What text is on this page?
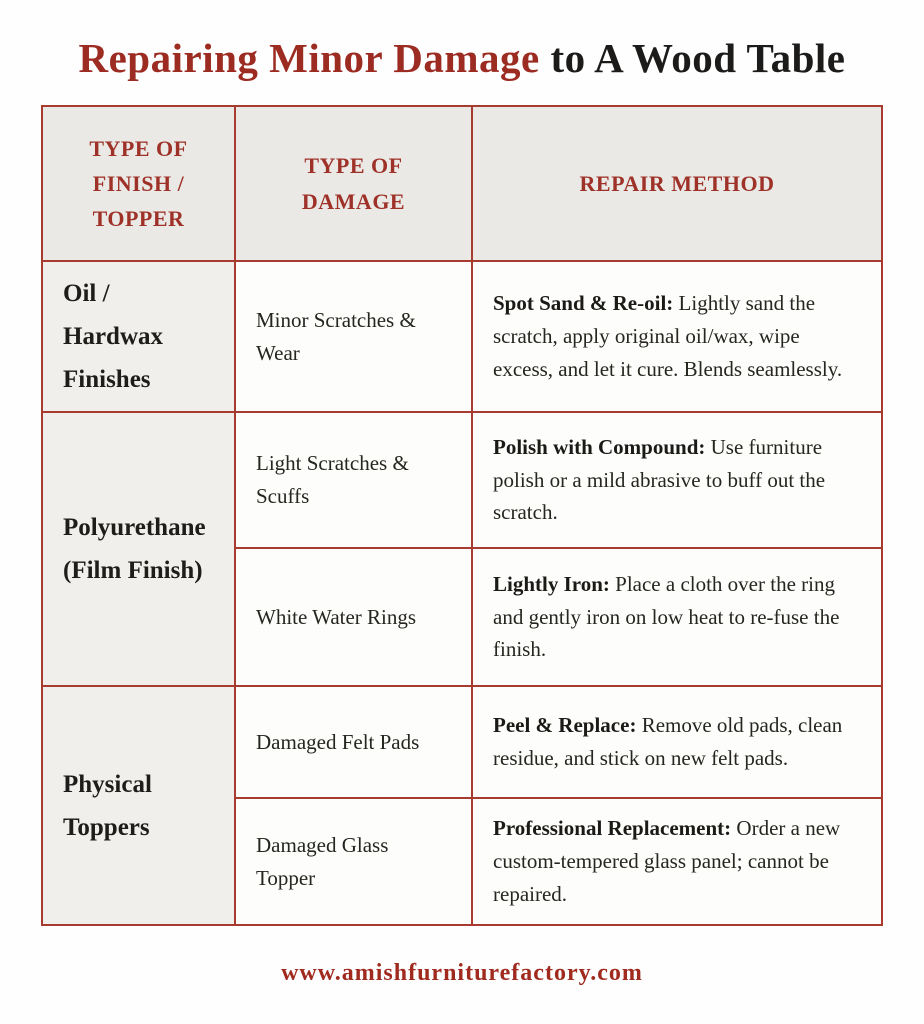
Repairing Minor Damage to A Wood Table
TYPE OF FINISH / TOPPER	TYPE OF DAMAGE	REPAIR METHOD
Oil / Hardwax Finishes	Minor Scratches & Wear	Spot Sand & Re-oil: Lightly sand the scratch, apply original oil/wax, wipe excess, and let it cure. Blends seamlessly.
Polyurethane (Film Finish)	Light Scratches & Scuffs	Polish with Compound: Use furniture polish or a mild abrasive to buff out the scratch.
	White Water Rings	Lightly Iron: Place a cloth over the ring and gently iron on low heat to re-fuse the finish.
Physical Toppers	Damaged Felt Pads	Peel & Replace: Remove old pads, clean residue, and stick on new felt pads.
	Damaged Glass Topper	Professional Replacement: Order a new custom-tempered glass panel; cannot be repaired.
www.amishfurniturefactory.com
